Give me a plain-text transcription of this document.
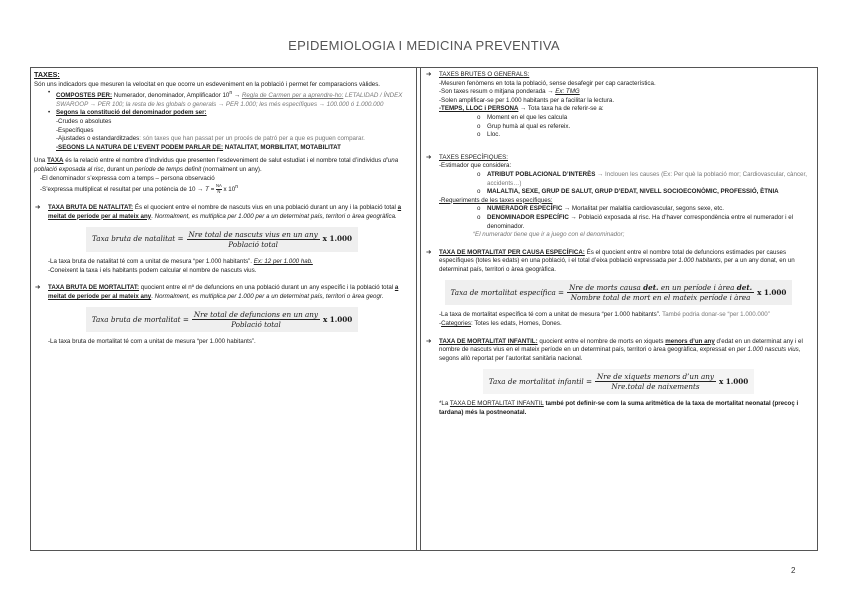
EPIDEMIOLOGIA I MEDICINA PREVENTIVA

TAXES:

Són uns indicadors que mesuren la velocitat en que ocorre un esdeveniment en la població i permet fer comparacions vàlides.

• COMPOSTES PER: Numerador, denominador, Amplificador $10^n$ → Regla de Carmen per a aprendre-ho: LETALIDAD / ÍNDEX SWAROOP → PER 100; la resta de les globals o generals → PER 1.000; les més específiques → 100.000 ó 1.000.000

• Segons la constitució del denominador podem ser:

-Crudes o absolutes

-Específiques

-Ajustades o estandarditzades: són taxes que han passat per un procés de patró per a que es puguen comparar.

-SEGONS LA NATURA DE L’EVENT PODEM PARLAR DE: NATALITAT, MORBILITAT, MOTABILITAT

Una TAXA és la relació entre el nombre d’individus que presenten l’esdeveniment de salut estudiat i el nombre total d’individus d’una població exposada al risc, durant un període de temps definit (normalment un any).

-El denominador s’expressa com a temps – persona observació

-S’expressa multiplicat el resultat per una potència de $10 \to T = \frac{NA}{N}$ x 10$^n$

➔ TAXA BRUTA DE NATALITAT: És el quocient entre el nombre de nascuts vius en una població durant un any i la població total a meitat de període per al mateix any. Normalment, es multiplica per 1.000 per a un determinat país, territori o àrea geogràfica.

Taxa bruta de natalitat = $\frac{\text{Nre total de nascuts vius en un any}}{\text{Població total}}$ x 1.000

-La taxa bruta de natalitat té com a unitat de mesura “per 1.000 habitants”. Ex: 12 per 1.000 hab.

-Coneixent la taxa i els habitants podem calcular el nombre de nascuts vius.

➔ TAXA BRUTA DE MORTALITAT: quocient entre el nº de defuncions en una població durant un any específic i la població total a meitat de període per al mateix any. Normalment, es multiplica per 1.000 per a un determinat país, territori o àrea geogr.

Taxa bruta de mortalitat = $\frac{\text{Nre total de defuncions en un any}}{\text{Població total}}$ x 1.000

-La taxa bruta de mortalitat té com a unitat de mesura “per 1.000 habitants”.

➔ TAXES BRUTES O GENERALS:

-Mesuren fenòmens en tota la població, sense desafegir per cap característica.

-Son taxes resum o mitjana ponderada → Ex: TMG

-Solen amplificar-se per 1.000 habitants per a facilitar la lectura.

-TEMPS, LLOC i PERSONA → Tota taxa ha de referir-se a:

o Moment en el que les calcula

o Grup humà al qual es refereix.

o Lloc.

➔ TAXES ESPECÍFIQUES:

-Estimador que considera:

o ATRIBUT POBLACIONAL D’INTERÈS → Inclouen les causes (Ex: Per què la població mor; Cardiovascular, càncer, accidents…)

o MALALTIA, SEXE, GRUP DE SALUT, GRUP D’EDAT, NIVELL SOCIOECONÒMIC, PROFESSIÓ, ÈTNIA

-Requeriments de les taxes específiques:

o NUMERADOR ESPECÍFIC → Mortalitat per malaltia cardiovascular, segons sexe, etc.

o DENOMINADOR ESPECÍFIC → Població exposada al risc. Ha d’haver correspondència entre el numerador i el denominador.

“El numerador tiene que ir a juego con el denominador;

➔ TAXA DE MORTALITAT PER CAUSA ESPECÍFICA: És el quocient entre el nombre total de defuncions estimades per causes específiques (totes les edats) en una població, i el total d’eixa població expressada per 1.000 habitants, per a un any donat, en un determinat país, territori o àrea geogràfica.

Taxa de mortalitat específica = $\frac{\text{Nre de morts causa det. en un període i àrea det.}}{\text{Nombre total de mort en el mateix període i àrea}}$ x 1.000

-La taxa de mortalitat específica té com a unitat de mesura “per 1.000 habitants”. També podria donar-se “per 1.000.000”

-Categories: Totes les edats, Homes, Dones.

➔ TAXA DE MORTALITAT INFANTIL: quocient entre el nombre de morts en xiquets menors d’un any d’edat en un determinat any i el nombre de nascuts vius en el mateix període en un determinat país, territori o àrea geogràfica, expressat en per 1.000 nascuts vius, segons allò reportat per l’autoritat sanitària nacional.

Taxa de mortalitat infantil = $\frac{\text{Nre de xiquets menors d’un any}}{\text{Nre.total de naixements}}$ x 1.000

*La TAXA DE MORTALITAT INFANTIL també pot definir-se com la suma aritmètica de la taxa de mortalitat neonatal (precoç i tardana) més la postneonatal.

2
